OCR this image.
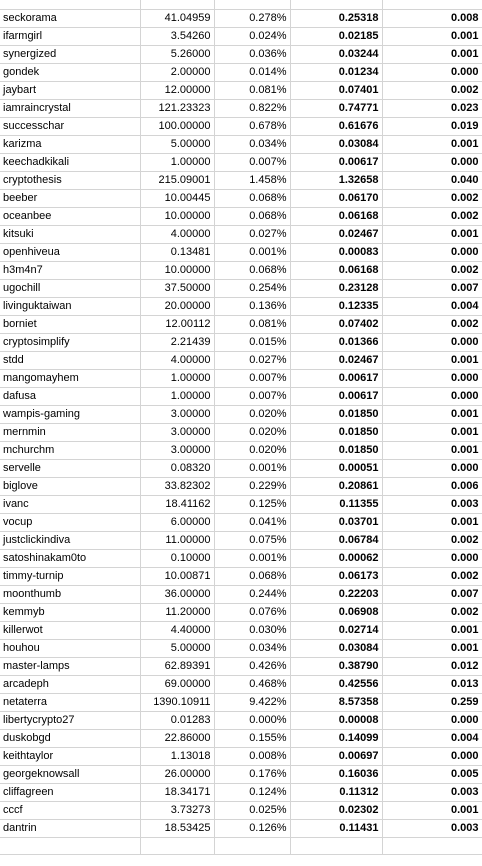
seckorama	41.04959	0.278%	0.25318	0.008
ifarmgirl	3.54260	0.024%	0.02185	0.001
synergized	5.26000	0.036%	0.03244	0.001
gondek	2.00000	0.014%	0.01234	0.000
jaybart	12.00000	0.081%	0.07401	0.002
iamraincrystal	121.23323	0.822%	0.74771	0.023
successchar	100.00000	0.678%	0.61676	0.019
karizma	5.00000	0.034%	0.03084	0.001
keechadkikali	1.00000	0.007%	0.00617	0.000
cryptothesis	215.09001	1.458%	1.32658	0.040
beeber	10.00445	0.068%	0.06170	0.002
oceanbee	10.00000	0.068%	0.06168	0.002
kitsuki	4.00000	0.027%	0.02467	0.001
openhiveua	0.13481	0.001%	0.00083	0.000
h3m4n7	10.00000	0.068%	0.06168	0.002
ugochill	37.50000	0.254%	0.23128	0.007
livinguktaiwan	20.00000	0.136%	0.12335	0.004
borniet	12.00112	0.081%	0.07402	0.002
cryptosimplify	2.21439	0.015%	0.01366	0.000
stdd	4.00000	0.027%	0.02467	0.001
mangomayhem	1.00000	0.007%	0.00617	0.000
dafusa	1.00000	0.007%	0.00617	0.000
wampis-gaming	3.00000	0.020%	0.01850	0.001
mernmin	3.00000	0.020%	0.01850	0.001
mchurchm	3.00000	0.020%	0.01850	0.001
servelle	0.08320	0.001%	0.00051	0.000
biglove	33.82302	0.229%	0.20861	0.006
ivanc	18.41162	0.125%	0.11355	0.003
vocup	6.00000	0.041%	0.03701	0.001
justclickindiva	11.00000	0.075%	0.06784	0.002
satoshinakam0to	0.10000	0.001%	0.00062	0.000
timmy-turnip	10.00871	0.068%	0.06173	0.002
moonthumb	36.00000	0.244%	0.22203	0.007
kemmyb	11.20000	0.076%	0.06908	0.002
killerwot	4.40000	0.030%	0.02714	0.001
houhou	5.00000	0.034%	0.03084	0.001
master-lamps	62.89391	0.426%	0.38790	0.012
arcadeph	69.00000	0.468%	0.42556	0.013
netaterra	1390.10911	9.422%	8.57358	0.259
libertycrypto27	0.01283	0.000%	0.00008	0.000
duskobgd	22.86000	0.155%	0.14099	0.004
keithtaylor	1.13018	0.008%	0.00697	0.000
georgeknowsall	26.00000	0.176%	0.16036	0.005
cliffagreen	18.34171	0.124%	0.11312	0.003
cccf	3.73273	0.025%	0.02302	0.001
dantrin	18.53425	0.126%	0.11431	0.003
